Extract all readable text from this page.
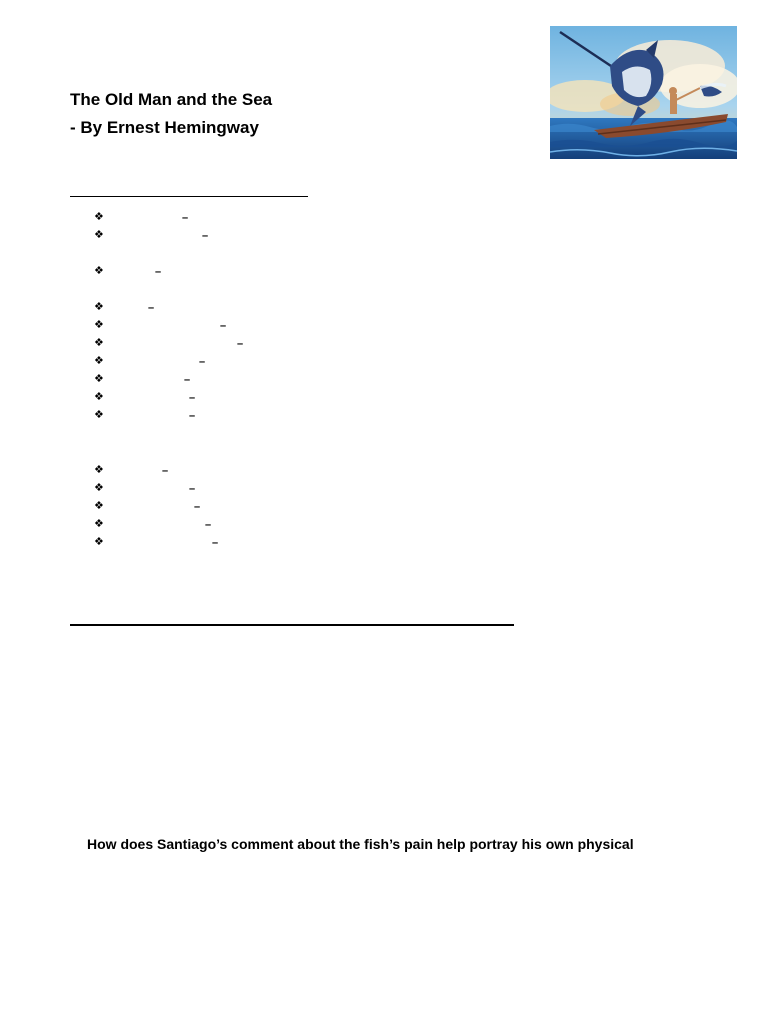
The Old Man and the Sea
- By Ernest Hemingway
❖	–
❖	–
❖	–
❖	–
❖	–
❖	–
❖	–
❖	–
❖	–
❖	–
❖	–
❖	–
❖	–
❖	–
❖	–
How does Santiago’s comment about the fish’s pain help portray his own physical
